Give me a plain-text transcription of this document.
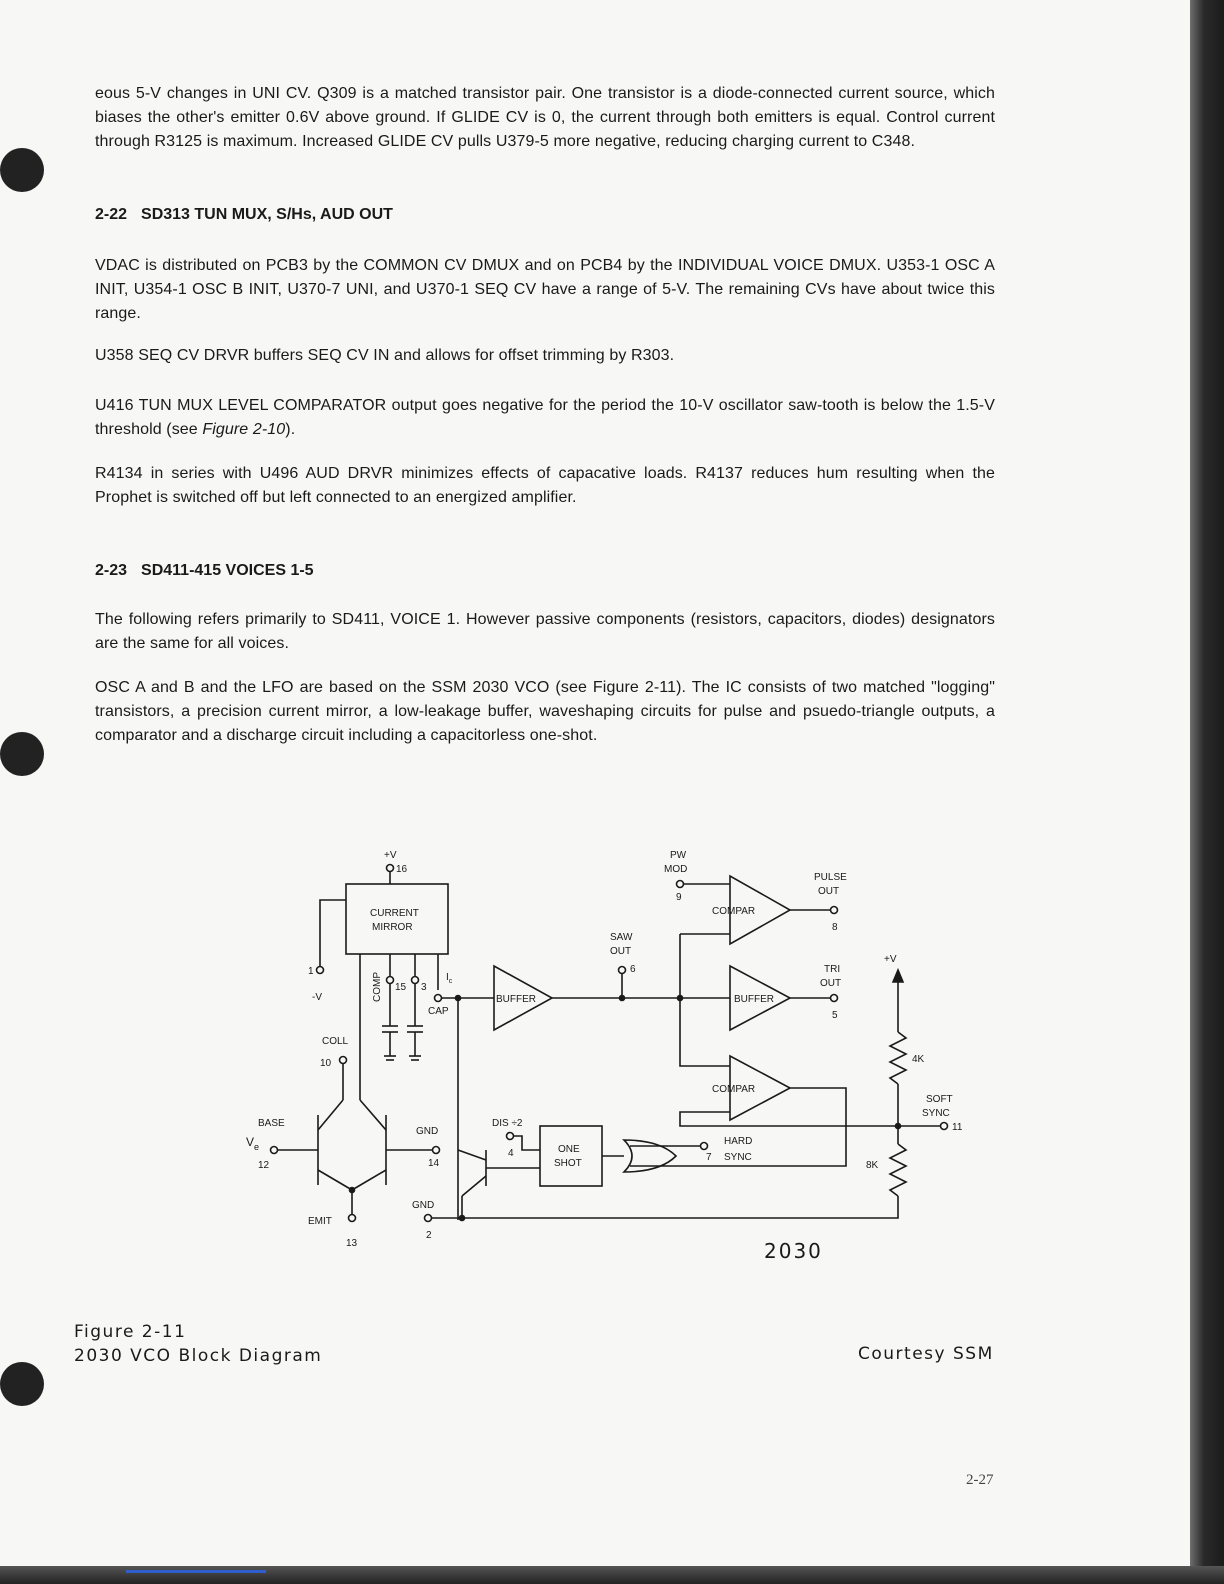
eous 5-V changes in UNI CV. Q309 is a matched transistor pair. One transistor is a diode-connected current source, which biases the other's emitter 0.6V above ground. If GLIDE CV is 0, the current through both emitters is equal. Control current through R3125 is maximum. Increased GLIDE CV pulls U379-5 more negative, reducing charging current to C348.

2-22 SD313 TUN MUX, S/Hs, AUD OUT

VDAC is distributed on PCB3 by the COMMON CV DMUX and on PCB4 by the INDIVIDUAL VOICE DMUX. U353-1 OSC A INIT, U354-1 OSC B INIT, U370-7 UNI, and U370-1 SEQ CV have a range of 5-V. The remaining CVs have about twice this range.

U358 SEQ CV DRVR buffers SEQ CV IN and allows for offset trimming by R303.

U416 TUN MUX LEVEL COMPARATOR output goes negative for the period the 10-V oscillator saw-tooth is below the 1.5-V threshold (see Figure 2-10).

R4134 in series with U496 AUD DRVR minimizes effects of capacative loads. R4137 reduces hum resulting when the Prophet is switched off but left connected to an energized amplifier.

2-23 SD411-415 VOICES 1-5

The following refers primarily to SD411, VOICE 1. However passive components (resistors, capacitors, diodes) designators are the same for all voices.

OSC A and B and the LFO are based on the SSM 2030 VCO (see Figure 2-11). The IC consists of two matched "logging" transistors, a precision current mirror, a low-leakage buffer, waveshaping circuits for pulse and psuedo-triangle outputs, a comparator and a discharge circuit including a capacitorless one-shot.

+V
16
CURRENT
MIRROR
1
-V	COMP 15 3
$I_c$
CAP
COLL
10
BASE
$V_e$
12
EMIT
13
GND
14
GND
2
BUFFER
SAW
OUT
6
PW
MOD
9
COMPAR
PULSE
OUT
8
BUFFER
TRI
OUT
5
COMPAR
+V
4K
SOFT
SYNC
11
8K
DIS ÷2
4	ONE
SHOT
HARD
SYNC
7
2030

Figure 2-11

2030 VCO Block Diagram	Courtesy SSM

2-27
